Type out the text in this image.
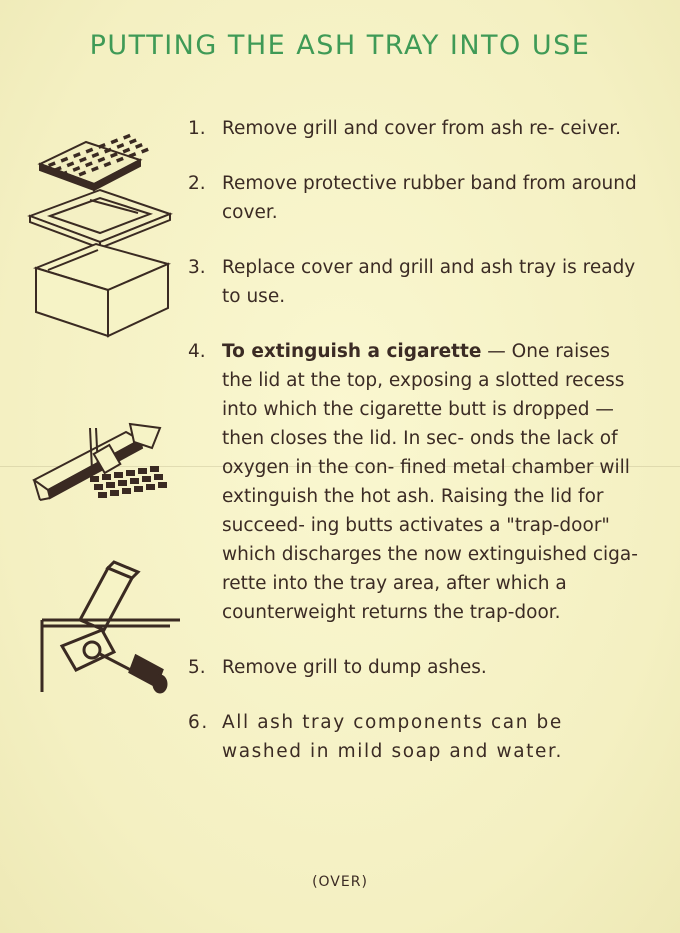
PUTTING THE ASH TRAY INTO USE
1. Remove grill and cover from ash re- ceiver.
2. Remove protective rubber band from around cover.
3. Replace cover and grill and ash tray is ready to use.
4. To extinguish a cigarette — One raises the lid at the top, exposing a slotted recess into which the cigarette butt is dropped — then closes the lid. In sec- onds the lack of oxygen in the con- fined metal chamber will extinguish the hot ash. Raising the lid for succeed- ing butts activates a "trap-door" which discharges the now extinguished ciga- rette into the tray area, after which a counterweight returns the trap-door.
5. Remove grill to dump ashes.
6. All ash tray components can be washed in mild soap and water.
(OVER)
